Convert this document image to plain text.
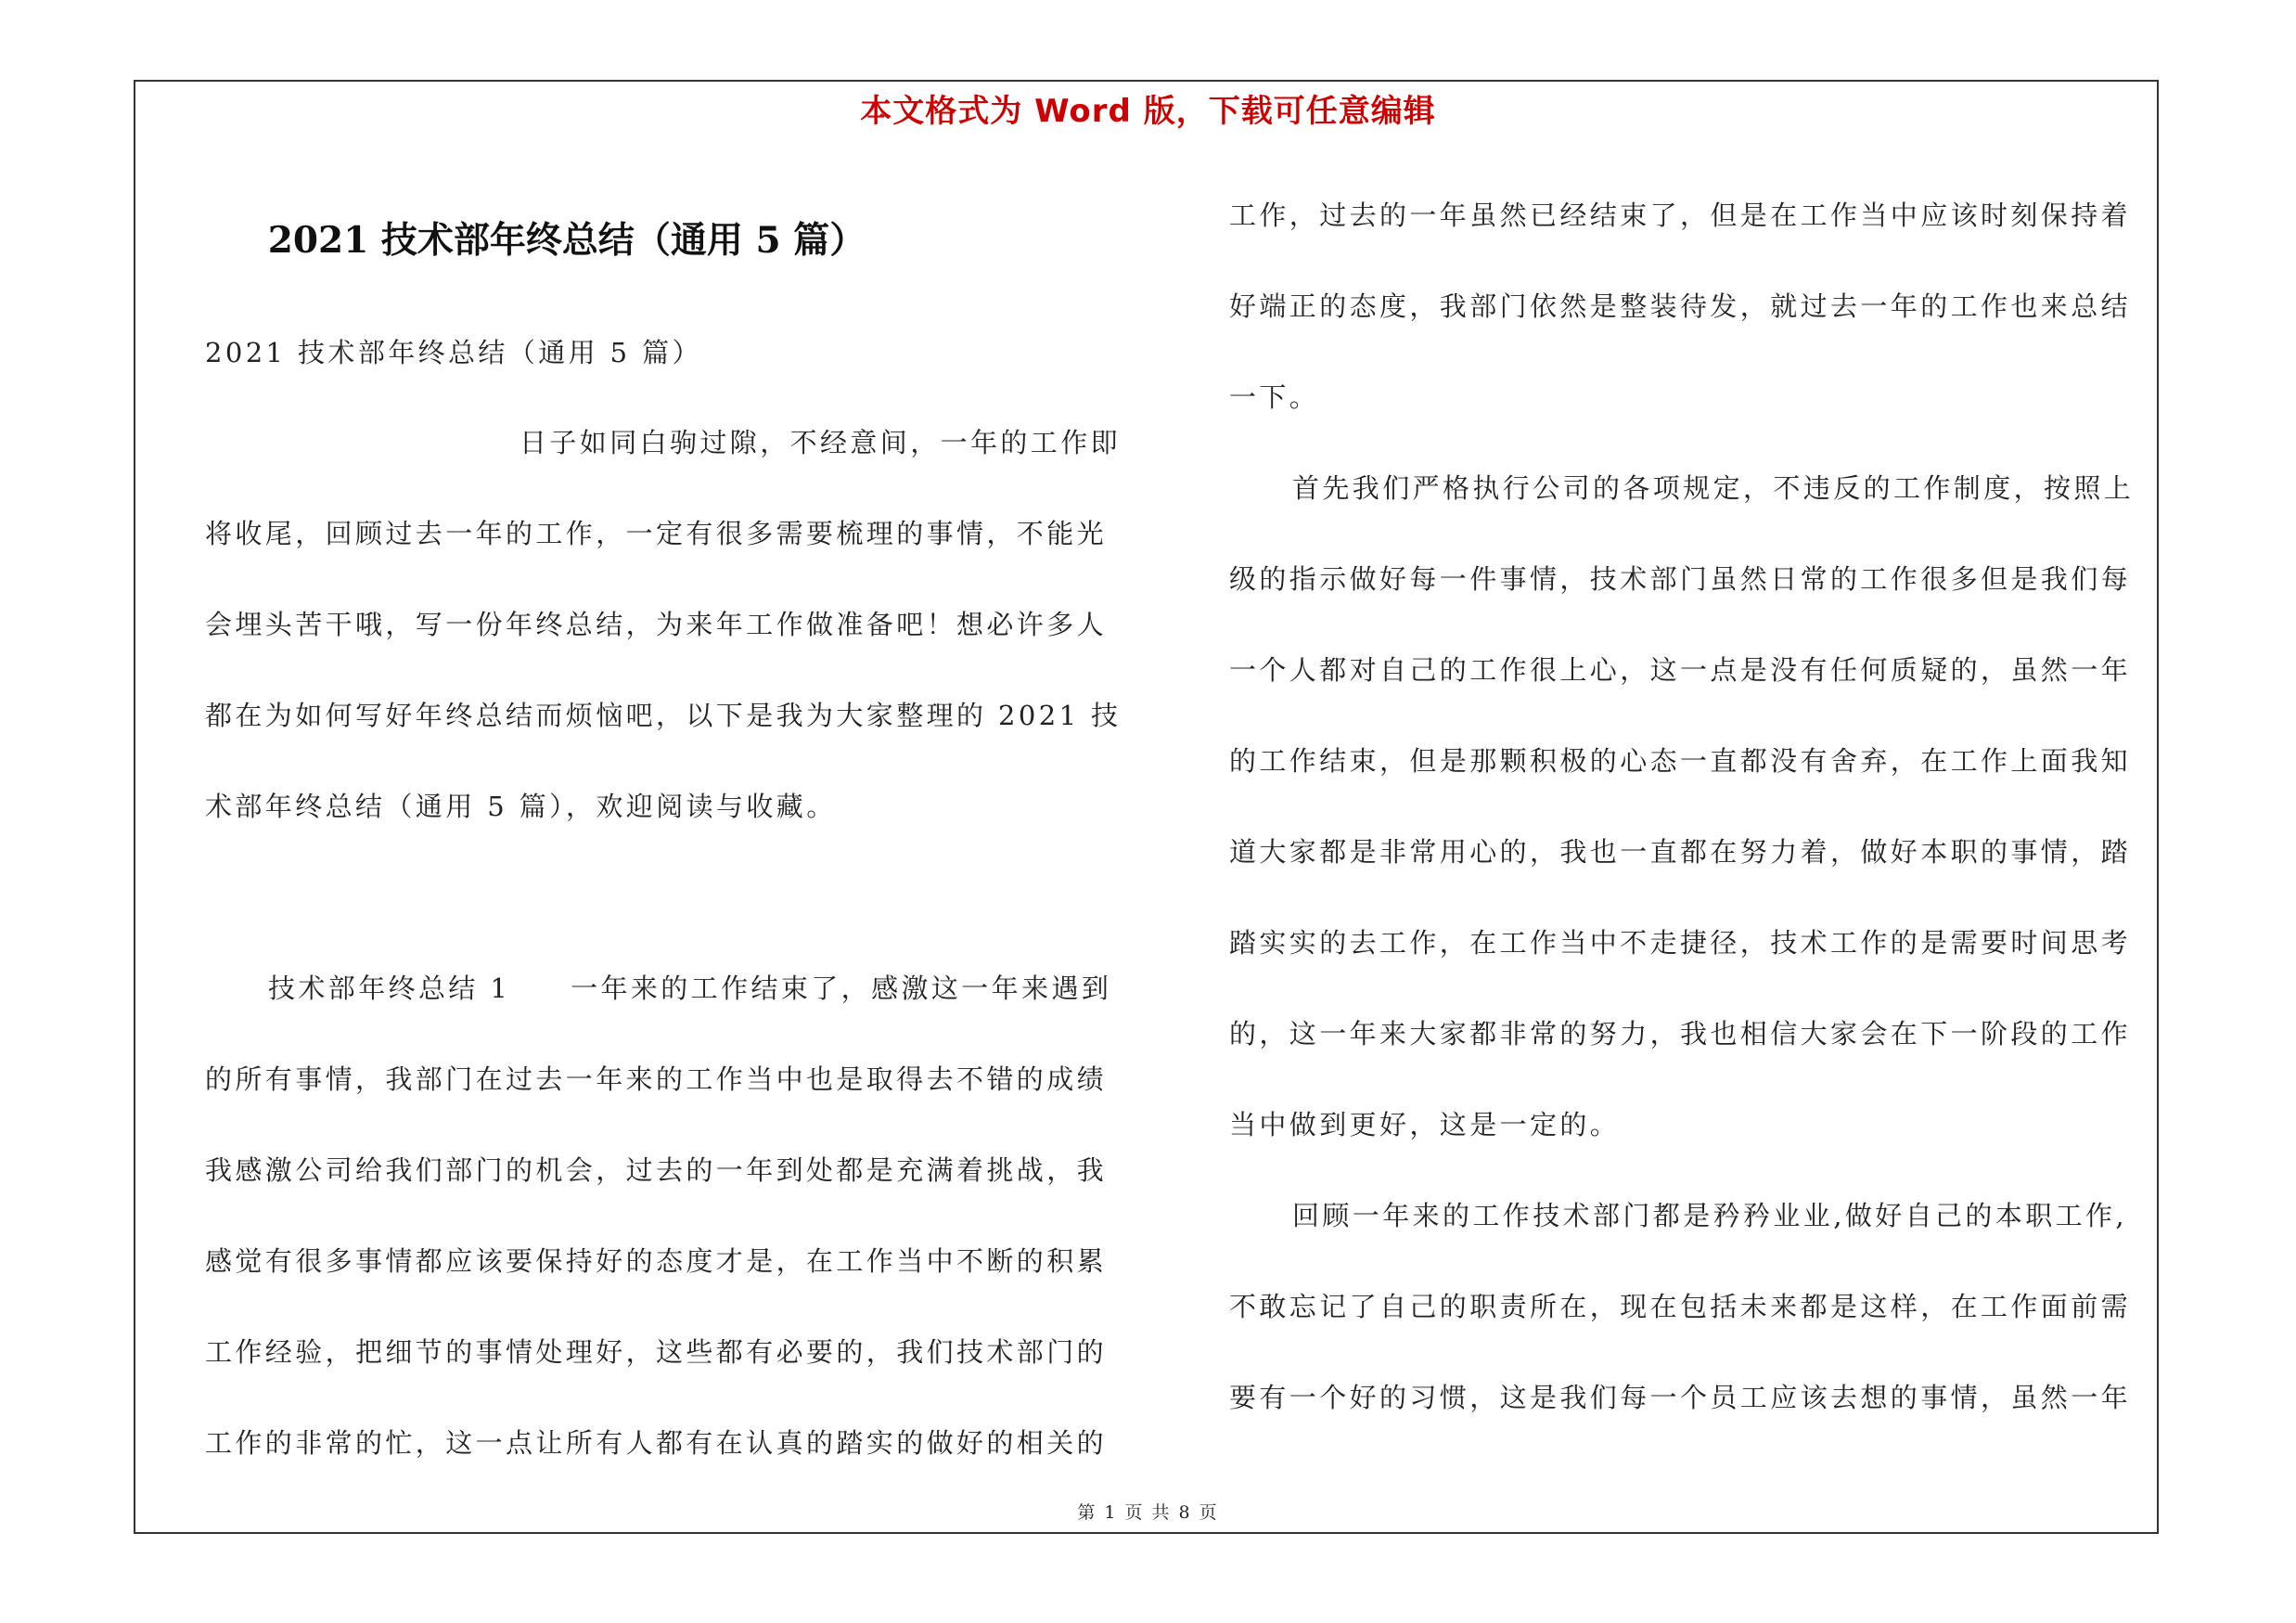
本文格式为 Word 版，下载可任意编辑
2021 技术部年终总结（通用 5 篇）
2021 技术部年终总结（通用 5 篇）
日子如同白驹过隙，不经意间，一年的工作即
将收尾，回顾过去一年的工作，一定有很多需要梳理的事情，不能光
会埋头苦干哦，写一份年终总结，为来年工作做准备吧！想必许多人
都在为如何写好年终总结而烦恼吧，以下是我为大家整理的 2021 技
术部年终总结（通用 5 篇），欢迎阅读与收藏。
技术部年终总结 1　　一年来的工作结束了，感激这一年来遇到
的所有事情，我部门在过去一年来的工作当中也是取得去不错的成绩
我感激公司给我们部门的机会，过去的一年到处都是充满着挑战，我
感觉有很多事情都应该要保持好的态度才是，在工作当中不断的积累
工作经验，把细节的事情处理好，这些都有必要的，我们技术部门的
工作的非常的忙，这一点让所有人都有在认真的踏实的做好的相关的
工作，过去的一年虽然已经结束了，但是在工作当中应该时刻保持着
好端正的态度，我部门依然是整装待发，就过去一年的工作也来总结
一下。
首先我们严格执行公司的各项规定，不违反的工作制度，按照上
级的指示做好每一件事情，技术部门虽然日常的工作很多但是我们每
一个人都对自己的工作很上心，这一点是没有任何质疑的，虽然一年
的工作结束，但是那颗积极的心态一直都没有舍弃，在工作上面我知
道大家都是非常用心的，我也一直都在努力着，做好本职的事情，踏
踏实实的去工作，在工作当中不走捷径，技术工作的是需要时间思考
的，这一年来大家都非常的努力，我也相信大家会在下一阶段的工作
当中做到更好，这是一定的。
回顾一年来的工作技术部门都是矜矜业业,做好自己的本职工作,
不敢忘记了自己的职责所在，现在包括未来都是这样，在工作面前需
要有一个好的习惯，这是我们每一个员工应该去想的事情，虽然一年
第 1 页 共 8 页
